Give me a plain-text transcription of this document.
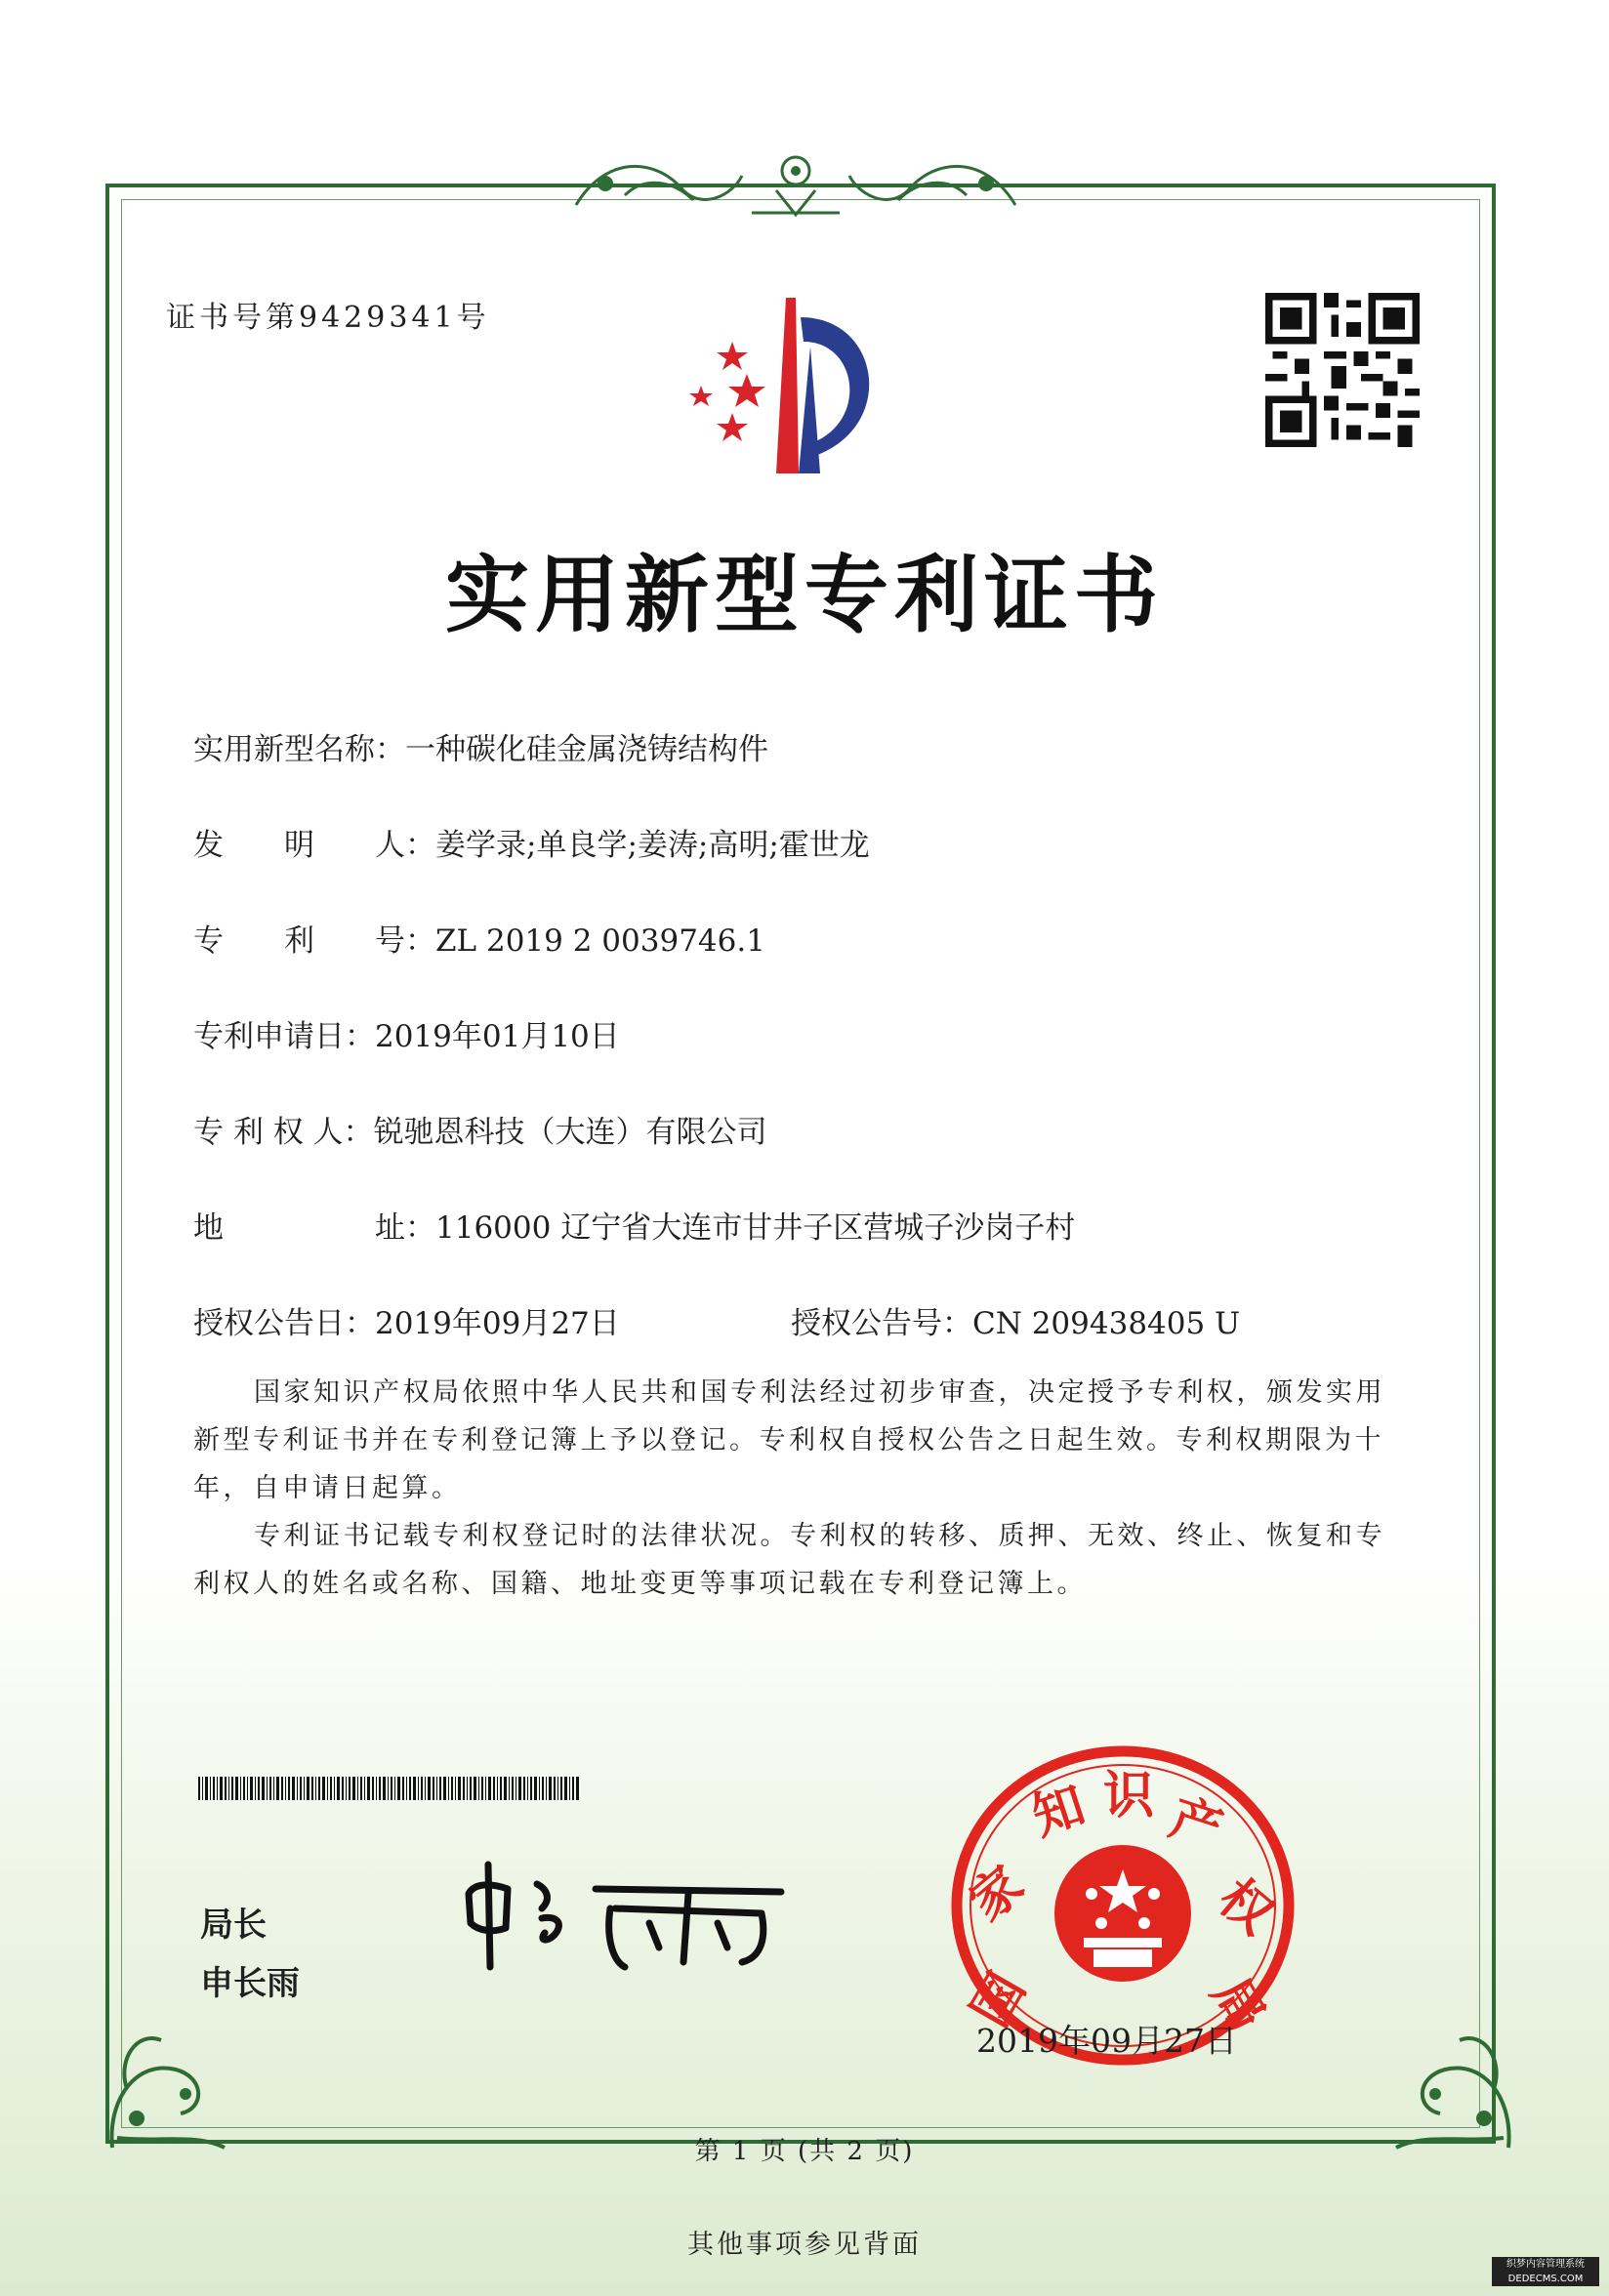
证书号第9429341号
实用新型专利证书
实用新型名称：一种碳化硅金属浇铸结构件
发　　明　　人：姜学录;单良学;姜涛;高明;霍世龙
专　　利　　号：ZL 2019 2 0039746.1
专利申请日：2019年01月10日
专 利 权 人：锐驰恩科技（大连）有限公司
地　　　　　址：116000 辽宁省大连市甘井子区营城子沙岗子村
授权公告日：2019年09月27日	授权公告号：CN 209438405 U
国家知识产权局依照中华人民共和国专利法经过初步审查，决定授予专利权，颁发实用新型专利证书并在专利登记簿上予以登记。专利权自授权公告之日起生效。专利权期限为十年，自申请日起算。
专利证书记载专利权登记时的法律状况。专利权的转移、质押、无效、终止、恢复和专利权人的姓名或名称、国籍、地址变更等事项记载在专利登记簿上。
局长
申长雨	国
家
知 识 产
权
局
2019年09月27日
第 1 页 (共 2 页)
其他事项参见背面
织梦内容管理系统
DEDECMS.COM
